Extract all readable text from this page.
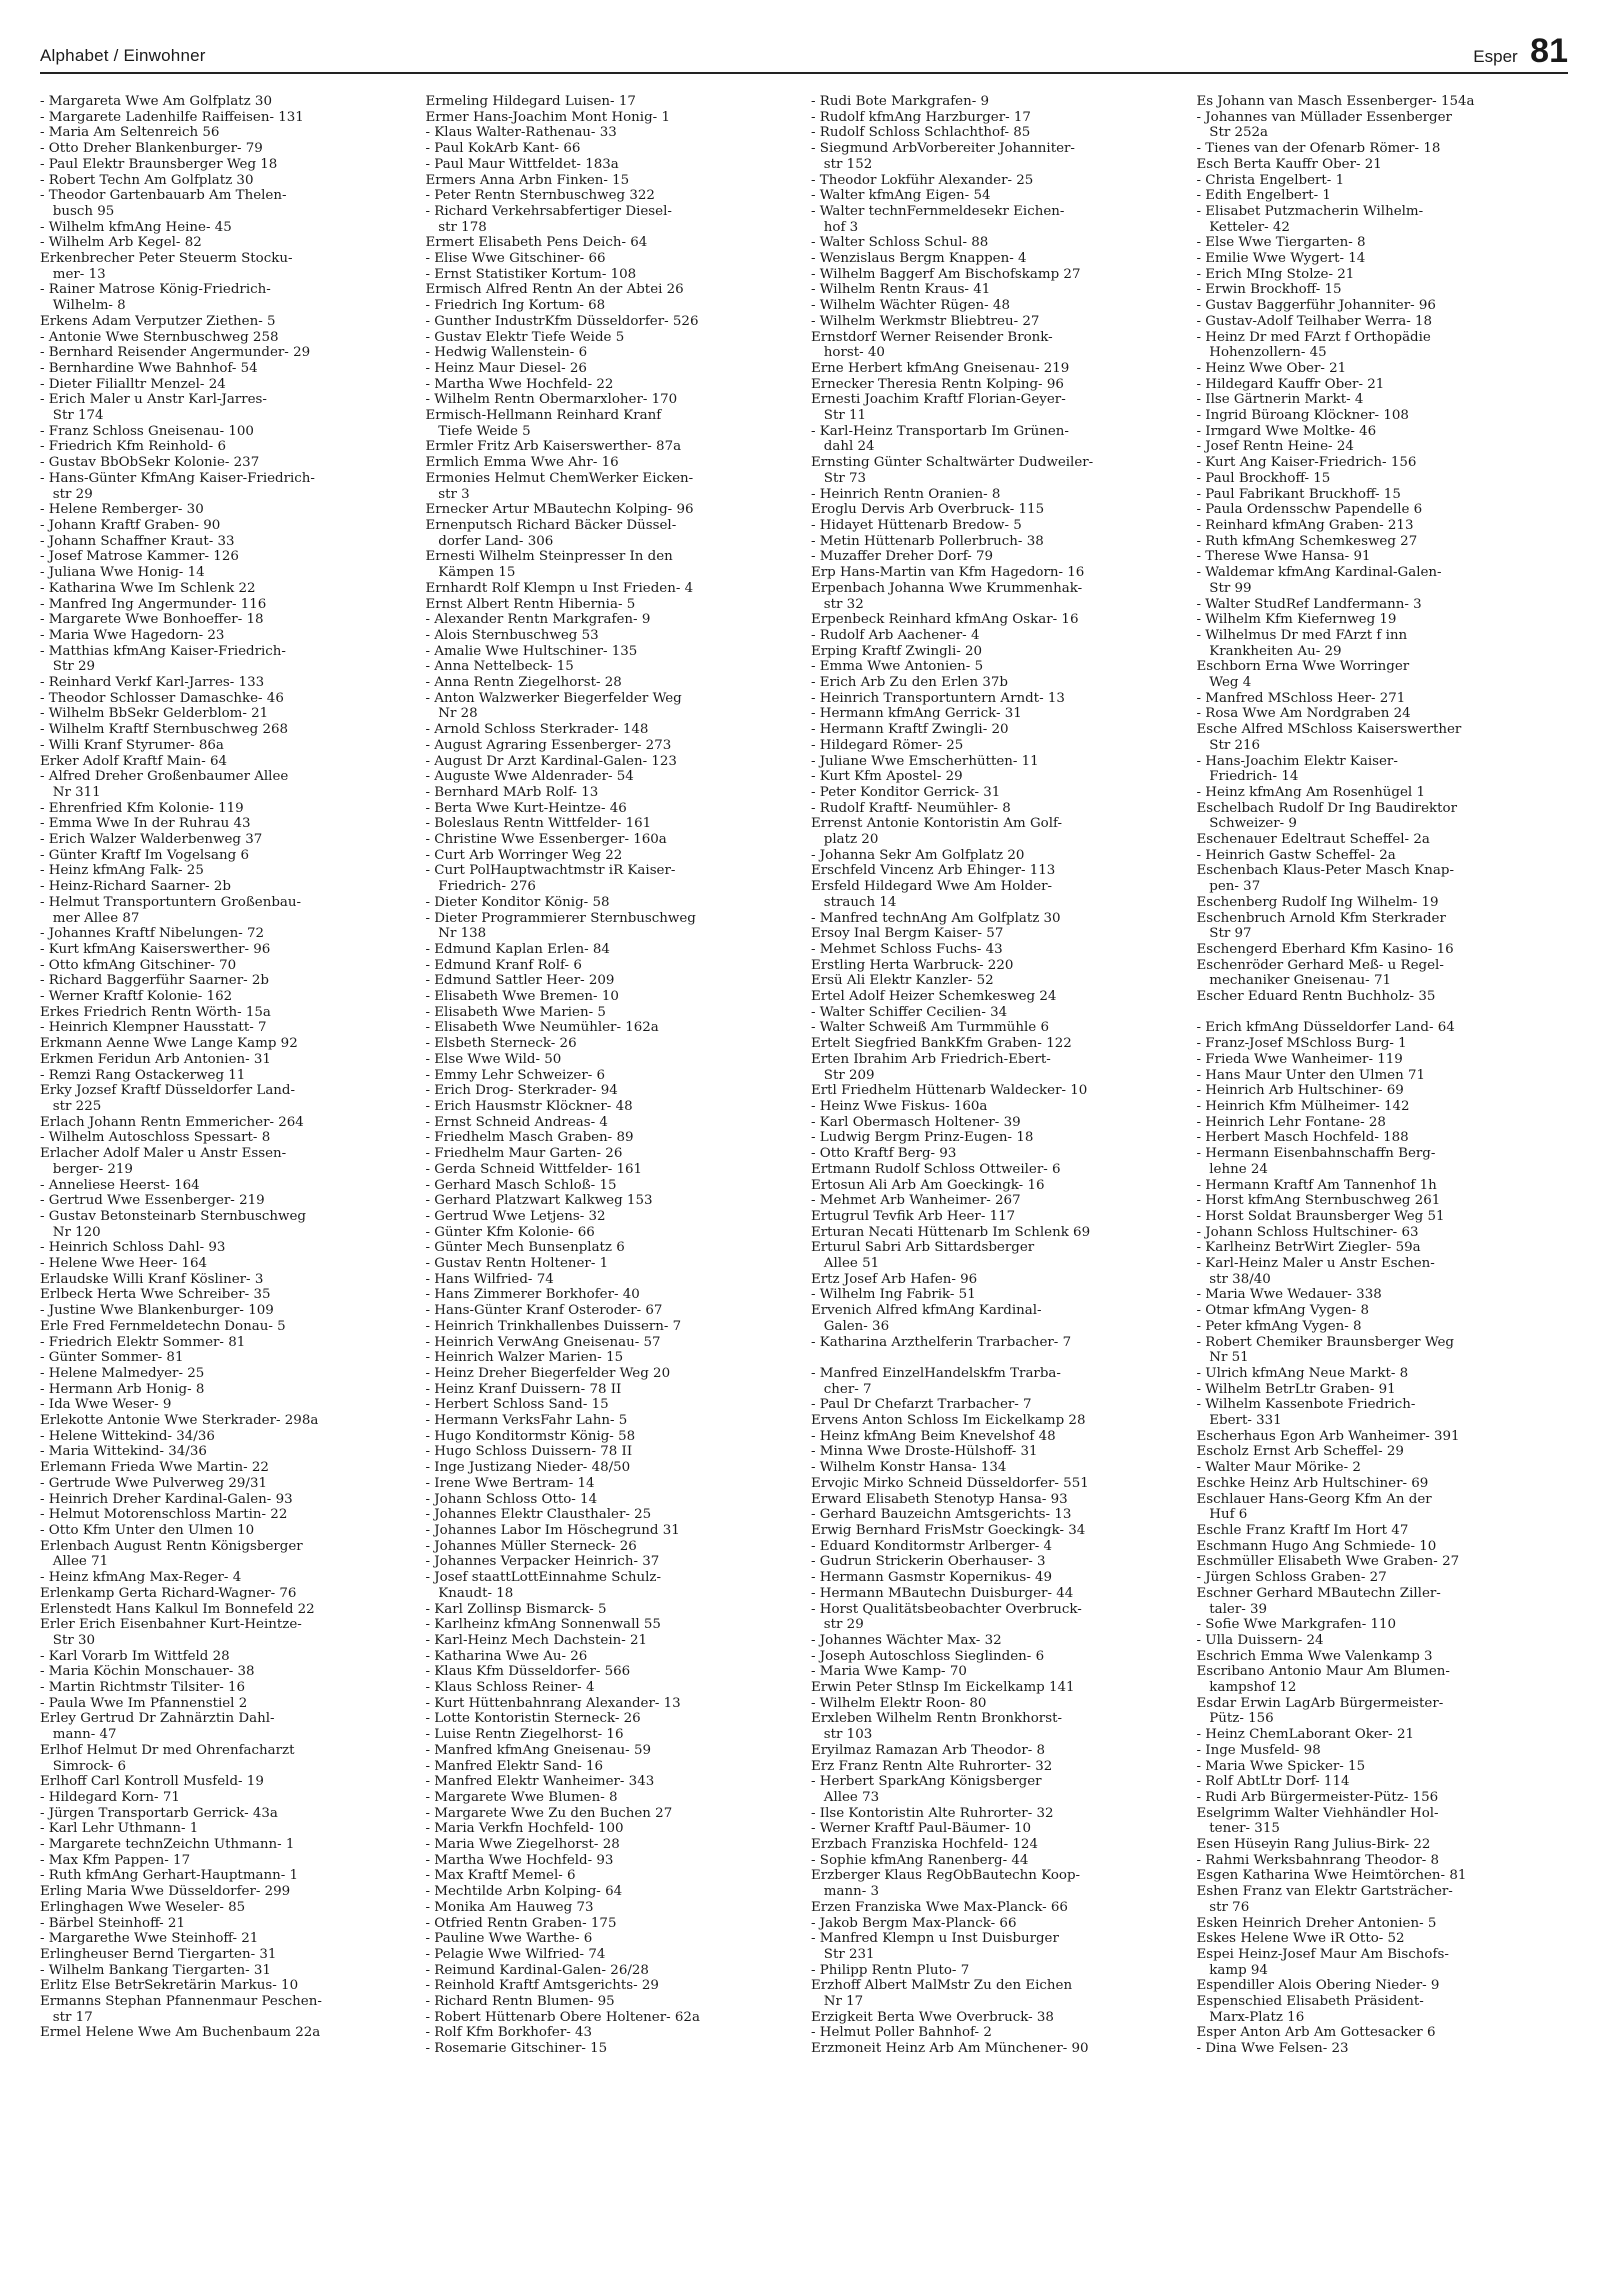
Alphabet / Einwohner	Esper 81
- Margareta Wwe Am Golfplatz 30
- Margarete Ladenhilfe Raiffeisen- 131
- Maria Am Seltenreich 56
- Otto Dreher Blankenburger- 79
- Paul Elektr Braunsberger Weg 18
- Robert Techn Am Golfplatz 30
- Theodor Gartenbauarb Am Thelen-
busch 95
- Wilhelm kfmAng Heine- 45
- Wilhelm Arb Kegel- 82
Erkenbrecher Peter Steuerm Stocku-
mer- 13
- Rainer Matrose König-Friedrich-
Wilhelm- 8
Erkens Adam Verputzer Ziethen- 5
- Antonie Wwe Sternbuschweg 258
- Bernhard Reisender Angermunder- 29
- Bernhardine Wwe Bahnhof- 54
- Dieter Filialltr Menzel- 24
- Erich Maler u Anstr Karl-Jarres-
Str 174
- Franz Schloss Gneisenau- 100
- Friedrich Kfm Reinhold- 6
- Gustav BbObSekr Kolonie- 237
- Hans-Günter KfmAng Kaiser-Friedrich-
str 29
- Helene Remberger- 30
- Johann Kraftf Graben- 90
- Johann Schaffner Kraut- 33
- Josef Matrose Kammer- 126
- Juliana Wwe Honig- 14
- Katharina Wwe Im Schlenk 22
- Manfred Ing Angermunder- 116
- Margarete Wwe Bonhoeffer- 18
- Maria Wwe Hagedorn- 23
- Matthias kfmAng Kaiser-Friedrich-
Str 29
- Reinhard Verkf Karl-Jarres- 133
- Theodor Schlosser Damaschke- 46
- Wilhelm BbSekr Gelderblom- 21
- Wilhelm Kraftf Sternbuschweg 268
- Willi Kranf Styrumer- 86a
Erker Adolf Kraftf Main- 64
- Alfred Dreher Großenbaumer Allee
Nr 311
- Ehrenfried Kfm Kolonie- 119
- Emma Wwe In der Ruhrau 43
- Erich Walzer Walderbenweg 37
- Günter Kraftf Im Vogelsang 6
- Heinz kfmAng Falk- 25
- Heinz-Richard Saarner- 2b
- Helmut Transportuntern Großenbau-
mer Allee 87
- Johannes Kraftf Nibelungen- 72
- Kurt kfmAng Kaiserswerther- 96
- Otto kfmAng Gitschiner- 70
- Richard Baggerführ Saarner- 2b
- Werner Kraftf Kolonie- 162
Erkes Friedrich Rentn Wörth- 15a
- Heinrich Klempner Hausstatt- 7
Erkmann Aenne Wwe Lange Kamp 92
Erkmen Feridun Arb Antonien- 31
- Remzi Rang Ostackerweg 11
Erky Jozsef Kraftf Düsseldorfer Land-
str 225
Erlach Johann Rentn Emmericher- 264
- Wilhelm Autoschloss Spessart- 8
Erlacher Adolf Maler u Anstr Essen-
berger- 219
- Anneliese Heerst- 164
- Gertrud Wwe Essenberger- 219
- Gustav Betonsteinarb Sternbuschweg
Nr 120
- Heinrich Schloss Dahl- 93
- Helene Wwe Heer- 164
Erlaudske Willi Kranf Kösliner- 3
Erlbeck Herta Wwe Schreiber- 35
- Justine Wwe Blankenburger- 109
Erle Fred Fernmeldetechn Donau- 5
- Friedrich Elektr Sommer- 81
- Günter Sommer- 81
- Helene Malmedyer- 25
- Hermann Arb Honig- 8
- Ida Wwe Weser- 9
Erlekotte Antonie Wwe Sterkrader- 298a
- Helene Wittekind- 34/36
- Maria Wittekind- 34/36
Erlemann Frieda Wwe Martin- 22
- Gertrude Wwe Pulverweg 29/31
- Heinrich Dreher Kardinal-Galen- 93
- Helmut Motorenschloss Martin- 22
- Otto Kfm Unter den Ulmen 10
Erlenbach August Rentn Königsberger
Allee 71
- Heinz kfmAng Max-Reger- 4
Erlenkamp Gerta Richard-Wagner- 76
Erlenstedt Hans Kalkul Im Bonnefeld 22
Erler Erich Eisenbahner Kurt-Heintze-
Str 30
- Karl Vorarb Im Wittfeld 28
- Maria Köchin Monschauer- 38
- Martin Richtmstr Tilsiter- 16
- Paula Wwe Im Pfannenstiel 2
Erley Gertrud Dr Zahnärztin Dahl-
mann- 47
Erlhof Helmut Dr med Ohrenfacharzt
Simrock- 6
Erlhoff Carl Kontroll Musfeld- 19
- Hildegard Korn- 71
- Jürgen Transportarb Gerrick- 43a
- Karl Lehr Uthmann- 1
- Margarete technZeichn Uthmann- 1
- Max Kfm Pappen- 17
- Ruth kfmAng Gerhart-Hauptmann- 1
Erling Maria Wwe Düsseldorfer- 299
Erlinghagen Wwe Weseler- 85
- Bärbel Steinhoff- 21
- Margarethe Wwe Steinhoff- 21
Erlingheuser Bernd Tiergarten- 31
- Wilhelm Bankang Tiergarten- 31
Erlitz Else BetrSekretärin Markus- 10
Ermanns Stephan Pfannenmaur Peschen-
str 17
Ermel Helene Wwe Am Buchenbaum 22a
Ermeling Hildegard Luisen- 17
Ermer Hans-Joachim Mont Honig- 1
- Klaus Walter-Rathenau- 33
- Paul KokArb Kant- 66
- Paul Maur Wittfeldet- 183a
Ermers Anna Arbn Finken- 15
- Peter Rentn Sternbuschweg 322
- Richard Verkehrsabfertiger Diesel-
str 178
Ermert Elisabeth Pens Deich- 64
- Elise Wwe Gitschiner- 66
- Ernst Statistiker Kortum- 108
Ermisch Alfred Rentn An der Abtei 26
- Friedrich Ing Kortum- 68
- Gunther IndustrKfm Düsseldorfer- 526
- Gustav Elektr Tiefe Weide 5
- Hedwig Wallenstein- 6
- Heinz Maur Diesel- 26
- Martha Wwe Hochfeld- 22
- Wilhelm Rentn Obermarxloher- 170
Ermisch-Hellmann Reinhard Kranf
Tiefe Weide 5
Ermler Fritz Arb Kaiserswerther- 87a
Ermlich Emma Wwe Ahr- 16
Ermonies Helmut ChemWerker Eicken-
str 3
Ernecker Artur MBautechn Kolping- 96
Ernenputsch Richard Bäcker Düssel-
dorfer Land- 306
Ernesti Wilhelm Steinpresser In den
Kämpen 15
Ernhardt Rolf Klempn u Inst Frieden- 4
Ernst Albert Rentn Hibernia- 5
- Alexander Rentn Markgrafen- 9
- Alois Sternbuschweg 53
- Amalie Wwe Hultschiner- 135
- Anna Nettelbeck- 15
- Anna Rentn Ziegelhorst- 28
- Anton Walzwerker Biegerfelder Weg
Nr 28
- Arnold Schloss Sterkrader- 148
- August Agraring Essenberger- 273
- August Dr Arzt Kardinal-Galen- 123
- Auguste Wwe Aldenrader- 54
- Bernhard MArb Rolf- 13
- Berta Wwe Kurt-Heintze- 46
- Boleslaus Rentn Wittfelder- 161
- Christine Wwe Essenberger- 160a
- Curt Arb Worringer Weg 22
- Curt PolHauptwachtmstr iR Kaiser-
Friedrich- 276
- Dieter Konditor König- 58
- Dieter Programmierer Sternbuschweg
Nr 138
- Edmund Kaplan Erlen- 84
- Edmund Kranf Rolf- 6
- Edmund Sattler Heer- 209
- Elisabeth Wwe Bremen- 10
- Elisabeth Wwe Marien- 5
- Elisabeth Wwe Neumühler- 162a
- Elsbeth Sterneck- 26
- Else Wwe Wild- 50
- Emmy Lehr Schweizer- 6
- Erich Drog- Sterkrader- 94
- Erich Hausmstr Klöckner- 48
- Ernst Schneid Andreas- 4
- Friedhelm Masch Graben- 89
- Friedhelm Maur Garten- 26
- Gerda Schneid Wittfelder- 161
- Gerhard Masch Schloß- 15
- Gerhard Platzwart Kalkweg 153
- Gertrud Wwe Letjens- 32
- Günter Kfm Kolonie- 66
- Günter Mech Bunsenplatz 6
- Gustav Rentn Holtener- 1
- Hans Wilfried- 74
- Hans Zimmerer Borkhofer- 40
- Hans-Günter Kranf Osteroder- 67
- Heinrich Trinkhallenbes Duissern- 7
- Heinrich VerwAng Gneisenau- 57
- Heinrich Walzer Marien- 15
- Heinz Dreher Biegerfelder Weg 20
- Heinz Kranf Duissern- 78 II
- Herbert Schloss Sand- 15
- Hermann VerksFahr Lahn- 5
- Hugo Konditormstr König- 58
- Hugo Schloss Duissern- 78 II
- Inge Justizang Nieder- 48/50
- Irene Wwe Bertram- 14
- Johann Schloss Otto- 14
- Johannes Elektr Clausthaler- 25
- Johannes Labor Im Höschegrund 31
- Johannes Müller Sterneck- 26
- Johannes Verpacker Heinrich- 37
- Josef staattLottEinnahme Schulz-
Knaudt- 18
- Karl Zollinsp Bismarck- 5
- Karlheinz kfmAng Sonnenwall 55
- Karl-Heinz Mech Dachstein- 21
- Katharina Wwe Au- 26
- Klaus Kfm Düsseldorfer- 566
- Klaus Schloss Reiner- 4
- Kurt Hüttenbahnrang Alexander- 13
- Lotte Kontoristin Sterneck- 26
- Luise Rentn Ziegelhorst- 16
- Manfred kfmAng Gneisenau- 59
- Manfred Elektr Sand- 16
- Manfred Elektr Wanheimer- 343
- Margarete Wwe Blumen- 8
- Margarete Wwe Zu den Buchen 27
- Maria Verkfn Hochfeld- 100
- Maria Wwe Ziegelhorst- 28
- Martha Wwe Hochfeld- 93
- Max Kraftf Memel- 6
- Mechtilde Arbn Kolping- 64
- Monika Am Hauweg 73
- Otfried Rentn Graben- 175
- Pauline Wwe Warthe- 6
- Pelagie Wwe Wilfried- 74
- Reimund Kardinal-Galen- 26/28
- Reinhold Kraftf Amtsgerichts- 29
- Richard Rentn Blumen- 95
- Robert Hüttenarb Obere Holtener- 62a
- Rolf Kfm Borkhofer- 43
- Rosemarie Gitschiner- 15
- Rudi Bote Markgrafen- 9
- Rudolf kfmAng Harzburger- 17
- Rudolf Schloss Schlachthof- 85
- Siegmund ArbVorbereiter Johanniter-
str 152
- Theodor Lokführ Alexander- 25
- Walter kfmAng Eigen- 54
- Walter technFernmeldesekr Eichen-
hof 3
- Walter Schloss Schul- 88
- Wenzislaus Bergm Knappen- 4
- Wilhelm Baggerf Am Bischofskamp 27
- Wilhelm Rentn Kraus- 41
- Wilhelm Wächter Rügen- 48
- Wilhelm Werkmstr Bliebtreu- 27
Ernstdorf Werner Reisender Bronk-
horst- 40
Erne Herbert kfmAng Gneisenau- 219
Ernecker Theresia Rentn Kolping- 96
Ernesti Joachim Kraftf Florian-Geyer-
Str 11
- Karl-Heinz Transportarb Im Grünen-
dahl 24
Ernsting Günter Schaltwärter Dudweiler-
Str 73
- Heinrich Rentn Oranien- 8
Eroglu Dervis Arb Overbruck- 115
- Hidayet Hüttenarb Bredow- 5
- Metin Hüttenarb Pollerbruch- 38
- Muzaffer Dreher Dorf- 79
Erp Hans-Martin van Kfm Hagedorn- 16
Erpenbach Johanna Wwe Krummenhak-
str 32
Erpenbeck Reinhard kfmAng Oskar- 16
- Rudolf Arb Aachener- 4
Erping Kraftf Zwingli- 20
- Emma Wwe Antonien- 5
- Erich Arb Zu den Erlen 37b
- Heinrich Transportuntern Arndt- 13
- Hermann kfmAng Gerrick- 31
- Hermann Kraftf Zwingli- 20
- Hildegard Römer- 25
- Juliane Wwe Emscherhütten- 11
- Kurt Kfm Apostel- 29
- Peter Konditor Gerrick- 31
- Rudolf Kraftf- Neumühler- 8
Errenst Antonie Kontoristin Am Golf-
platz 20
- Johanna Sekr Am Golfplatz 20
Erschfeld Vincenz Arb Ehinger- 113
Ersfeld Hildegard Wwe Am Holder-
strauch 14
- Manfred technAng Am Golfplatz 30
Ersoy Inal Bergm Kaiser- 57
- Mehmet Schloss Fuchs- 43
Erstling Herta Warbruck- 220
Ersü Ali Elektr Kanzler- 52
Ertel Adolf Heizer Schemkesweg 24
- Walter Schiffer Cecilien- 34
- Walter Schweiß Am Turmmühle 6
Ertelt Siegfried BankKfm Graben- 122
Erten Ibrahim Arb Friedrich-Ebert-
Str 209
Ertl Friedhelm Hüttenarb Waldecker- 10
- Heinz Wwe Fiskus- 160a
- Karl Obermasch Holtener- 39
- Ludwig Bergm Prinz-Eugen- 18
- Otto Kraftf Berg- 93
Ertmann Rudolf Schloss Ottweiler- 6
Ertosun Ali Arb Am Goeckingk- 16
- Mehmet Arb Wanheimer- 267
Ertugrul Tevfik Arb Heer- 117
Erturan Necati Hüttenarb Im Schlenk 69
Erturul Sabri Arb Sittardsberger
Allee 51
Ertz Josef Arb Hafen- 96
- Wilhelm Ing Fabrik- 51
Ervenich Alfred kfmAng Kardinal-
Galen- 36
- Katharina Arzthelferin Trarbacher- 7

- Manfred EinzelHandelskfm Trarba-
cher- 7
- Paul Dr Chefarzt Trarbacher- 7
Ervens Anton Schloss Im Eickelkamp 28
- Heinz kfmAng Beim Knevelshof 48
- Minna Wwe Droste-Hülshoff- 31
- Wilhelm Konstr Hansa- 134
Ervojic Mirko Schneid Düsseldorfer- 551
Erward Elisabeth Stenotyp Hansa- 93
- Gerhard Bauzeichn Amtsgerichts- 13
Erwig Bernhard FrisMstr Goeckingk- 34
- Eduard Konditormstr Arlberger- 4
- Gudrun Strickerin Oberhauser- 3
- Hermann Gasmstr Kopernikus- 49
- Hermann MBautechn Duisburger- 44
- Horst Qualitätsbeobachter Overbruck-
str 29
- Johannes Wächter Max- 32
- Joseph Autoschloss Sieglinden- 6
- Maria Wwe Kamp- 70
Erwin Peter Stlnsp Im Eickelkamp 141
- Wilhelm Elektr Roon- 80
Erxleben Wilhelm Rentn Bronkhorst-
str 103
Eryilmaz Ramazan Arb Theodor- 8
Erz Franz Rentn Alte Ruhrorter- 32
- Herbert SparkAng Königsberger
Allee 73
- Ilse Kontoristin Alte Ruhrorter- 32
- Werner Kraftf Paul-Bäumer- 10
Erzbach Franziska Hochfeld- 124
- Sophie kfmAng Ranenberg- 44
Erzberger Klaus RegObBautechn Koop-
mann- 3
Erzen Franziska Wwe Max-Planck- 66
- Jakob Bergm Max-Planck- 66
- Manfred Klempn u Inst Duisburger
Str 231
- Philipp Rentn Pluto- 7
Erzhoff Albert MalMstr Zu den Eichen
Nr 17
Erzigkeit Berta Wwe Overbruck- 38
- Helmut Poller Bahnhof- 2
Erzmoneit Heinz Arb Am Münchener- 90
Es Johann van Masch Essenberger- 154a
- Johannes van Müllader Essenberger
Str 252a
- Tienes van der Ofenarb Römer- 18
Esch Berta Kauffr Ober- 21
- Christa Engelbert- 1
- Edith Engelbert- 1
- Elisabet Putzmacherin Wilhelm-
Ketteler- 42
- Else Wwe Tiergarten- 8
- Emilie Wwe Wygert- 14
- Erich MIng Stolze- 21
- Erwin Brockhoff- 15
- Gustav Baggerführ Johanniter- 96
- Gustav-Adolf Teilhaber Werra- 18
- Heinz Dr med FArzt f Orthopädie
Hohenzollern- 45
- Heinz Wwe Ober- 21
- Hildegard Kauffr Ober- 21
- Ilse Gärtnerin Markt- 4
- Ingrid Büroang Klöckner- 108
- Irmgard Wwe Moltke- 46
- Josef Rentn Heine- 24
- Kurt Ang Kaiser-Friedrich- 156
- Paul Brockhoff- 15
- Paul Fabrikant Bruckhoff- 15
- Paula Ordensschw Papendelle 6
- Reinhard kfmAng Graben- 213
- Ruth kfmAng Schemkesweg 27
- Therese Wwe Hansa- 91
- Waldemar kfmAng Kardinal-Galen-
Str 99
- Walter StudRef Landfermann- 3
- Wilhelm Kfm Kiefernweg 19
- Wilhelmus Dr med FArzt f inn
Krankheiten Au- 29
Eschborn Erna Wwe Worringer
Weg 4
- Manfred MSchloss Heer- 271
- Rosa Wwe Am Nordgraben 24
Esche Alfred MSchloss Kaiserswerther
Str 216
- Hans-Joachim Elektr Kaiser-
Friedrich- 14
- Heinz kfmAng Am Rosenhügel 1
Eschelbach Rudolf Dr Ing Baudirektor
Schweizer- 9
Eschenauer Edeltraut Scheffel- 2a
- Heinrich Gastw Scheffel- 2a
Eschenbach Klaus-Peter Masch Knap-
pen- 37
Eschenberg Rudolf Ing Wilhelm- 19
Eschenbruch Arnold Kfm Sterkrader
Str 97
Eschengerd Eberhard Kfm Kasino- 16
Eschenröder Gerhard Meß- u Regel-
mechaniker Gneisenau- 71
Escher Eduard Rentn Buchholz- 35

- Erich kfmAng Düsseldorfer Land- 64
- Franz-Josef MSchloss Burg- 1
- Frieda Wwe Wanheimer- 119
- Hans Maur Unter den Ulmen 71
- Heinrich Arb Hultschiner- 69
- Heinrich Kfm Mülheimer- 142
- Heinrich Lehr Fontane- 28
- Herbert Masch Hochfeld- 188
- Hermann Eisenbahnschaffn Berg-
lehne 24
- Hermann Kraftf Am Tannenhof 1h
- Horst kfmAng Sternbuschweg 261
- Horst Soldat Braunsberger Weg 51
- Johann Schloss Hultschiner- 63
- Karlheinz BetrWirt Ziegler- 59a
- Karl-Heinz Maler u Anstr Eschen-
str 38/40
- Maria Wwe Wedauer- 338
- Otmar kfmAng Vygen- 8
- Peter kfmAng Vygen- 8
- Robert Chemiker Braunsberger Weg
Nr 51
- Ulrich kfmAng Neue Markt- 8
- Wilhelm BetrLtr Graben- 91
- Wilhelm Kassenbote Friedrich-
Ebert- 331
Escherhaus Egon Arb Wanheimer- 391
Escholz Ernst Arb Scheffel- 29
- Walter Maur Mörike- 2
Eschke Heinz Arb Hultschiner- 69
Eschlauer Hans-Georg Kfm An der
Huf 6
Eschle Franz Kraftf Im Hort 47
Eschmann Hugo Ang Schmiede- 10
Eschmüller Elisabeth Wwe Graben- 27
- Jürgen Schloss Graben- 27
Eschner Gerhard MBautechn Ziller-
taler- 39
- Sofie Wwe Markgrafen- 110
- Ulla Duissern- 24
Eschrich Emma Wwe Valenkamp 3
Escribano Antonio Maur Am Blumen-
kampshof 12
Esdar Erwin LagArb Bürgermeister-
Pütz- 156
- Heinz ChemLaborant Oker- 21
- Inge Musfeld- 98
- Maria Wwe Spicker- 15
- Rolf AbtLtr Dorf- 114
- Rudi Arb Bürgermeister-Pütz- 156
Eselgrimm Walter Viehhändler Hol-
tener- 315
Esen Hüseyin Rang Julius-Birk- 22
- Rahmi Werksbahnrang Theodor- 8
Esgen Katharina Wwe Heimtörchen- 81
Eshen Franz van Elektr Gartsträcher-
str 76
Esken Heinrich Dreher Antonien- 5
Eskes Helene Wwe iR Otto- 52
Espei Heinz-Josef Maur Am Bischofs-
kamp 94
Espendiller Alois Obering Nieder- 9
Espenschied Elisabeth Präsident-
Marx-Platz 16
Esper Anton Arb Am Gottesacker 6
- Dina Wwe Felsen- 23
